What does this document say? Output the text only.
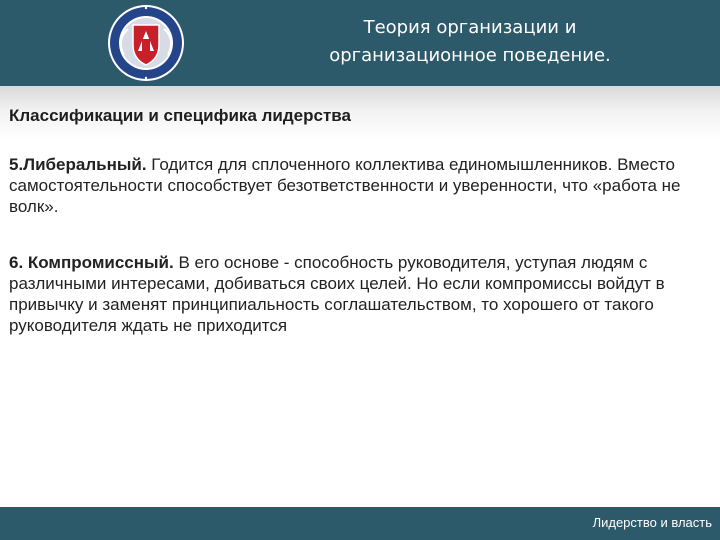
Теория организации и
организационное поведение.
Классификации и специфика лидерства
5.Либеральный. Годится для сплоченного коллектива единомышленников. Вместо самостоятельности способствует безответственности и уверенности, что «работа не волк».
6. Компромиссный. В его основе - способность руководителя, уступая людям с различными интересами, добиваться своих целей. Но если компромиссы войдут в привычку и заменят принципиальность соглашательством, то хорошего от такого руководителя ждать не приходится
Лидерство и власть
